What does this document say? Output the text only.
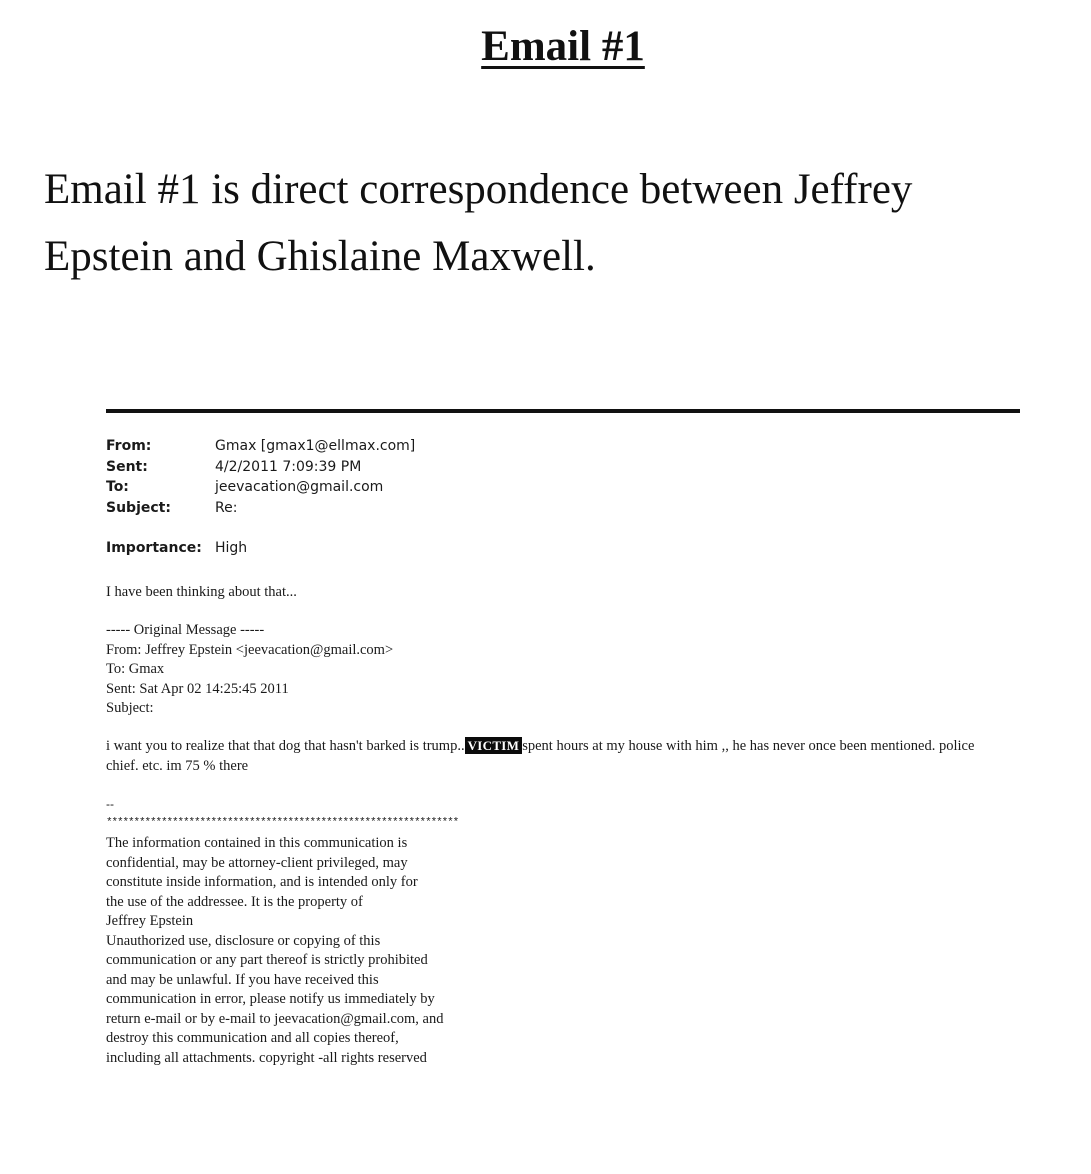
Email #1
Email #1 is direct correspondence between Jeffrey
Epstein and Ghislaine Maxwell.
From:	Gmax [gmax1@ellmax.com]
Sent:	4/2/2011 7:09:39 PM
To:	jeevacation@gmail.com
Subject:	Re:
Importance: High
I have been thinking about that...
----- Original Message -----
From: Jeffrey Epstein <jeevacation@gmail.com>
To: Gmax
Sent: Sat Apr 02 14:25:45 2011
Subject:
i want you to realize that that dog that hasn't barked is trump.. VICTIM spent hours at my house with him ,, he has never once been mentioned. police chief. etc. im 75 % there
--
****************************************************************
The information contained in this communication is
confidential, may be attorney-client privileged, may
constitute inside information, and is intended only for
the use of the addressee. It is the property of
Jeffrey Epstein
Unauthorized use, disclosure or copying of this
communication or any part thereof is strictly prohibited
and may be unlawful. If you have received this
communication in error, please notify us immediately by
return e-mail or by e-mail to jeevacation@gmail.com, and
destroy this communication and all copies thereof,
including all attachments. copyright -all rights reserved
